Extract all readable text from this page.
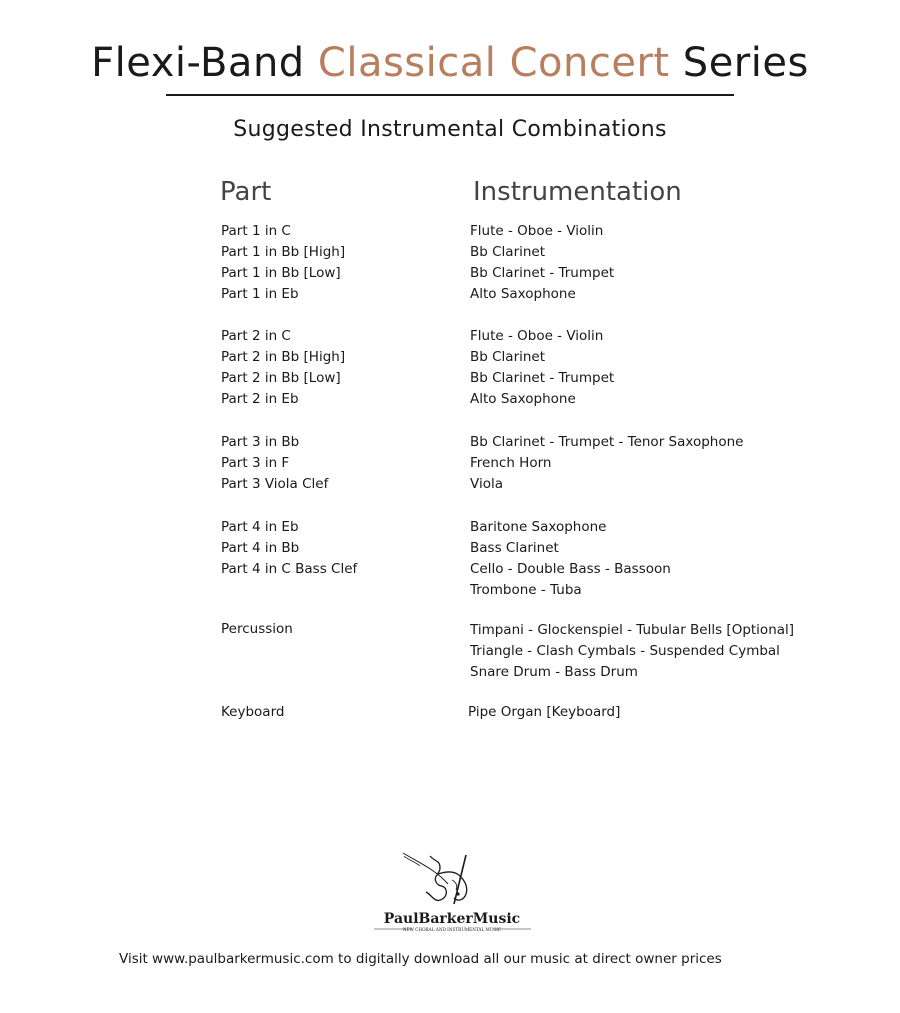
Flexi-Band Classical Concert Series
Suggested Instrumental Combinations
Part	Instrumentation
Part 1 in C	Flute - Oboe - Violin
Part 1 in Bb [High]	Bb Clarinet
Part 1 in Bb [Low]	Bb Clarinet - Trumpet
Part 1 in Eb	Alto Saxophone
Part 2 in C	Flute - Oboe - Violin
Part 2 in Bb [High]	Bb Clarinet
Part 2 in Bb [Low]	Bb Clarinet - Trumpet
Part 2 in Eb	Alto Saxophone
Part 3 in Bb	Bb Clarinet - Trumpet - Tenor Saxophone
Part 3 in F	French Horn
Part 3 Viola Clef	Viola
Part 4 in Eb	Baritone Saxophone
Part 4 in Bb	Bass Clarinet
Part 4 in C Bass Clef	Cello - Double Bass - Bassoon
Trombone - Tuba
Percussion	Timpani - Glockenspiel - Tubular Bells [Optional]
Triangle - Clash Cymbals - Suspended Cymbal
Snare Drum - Bass Drum
Keyboard	Pipe Organ [Keyboard]
PaulBarkerMusic
NEW CHORAL AND INSTRUMENTAL MUSIC
Visit www.paulbarkermusic.com to digitally download all our music at direct owner prices
